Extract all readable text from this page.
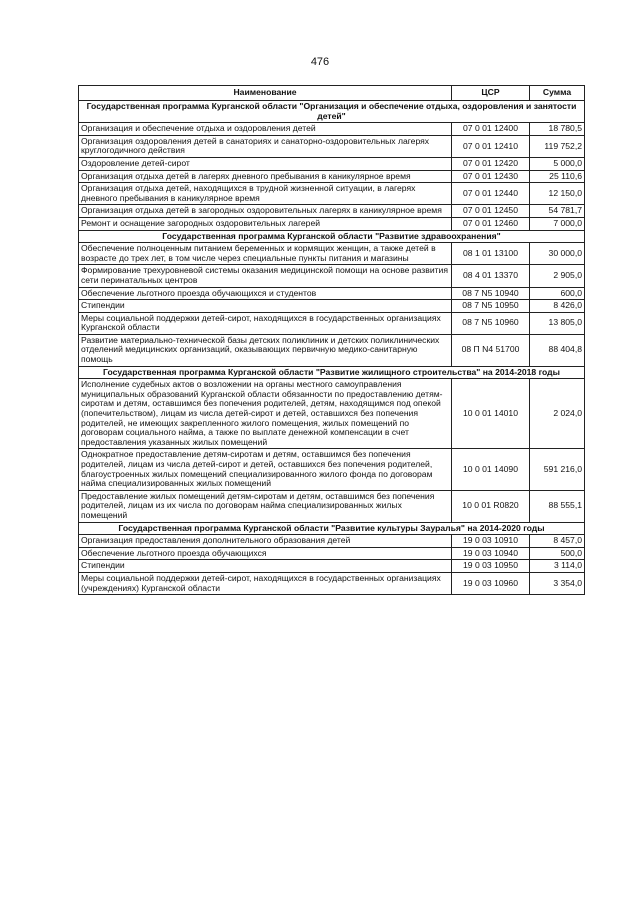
476
Наименование	ЦСР	Сумма
Государственная программа Курганской области "Организация и обеспечение отдыха, оздоровления и занятости детей"		
Организация и обеспечение отдыха и оздоровления детей	07 0 01 12400	18 780,5
Организация оздоровления детей в санаториях и санаторно-оздоровительных лагерях круглогодичного действия	07 0 01 12410	119 752,2
Оздоровление детей-сирот	07 0 01 12420	5 000,0
Организация отдыха детей в лагерях дневного пребывания в каникулярное время	07 0 01 12430	25 110,6
Организация отдыха детей, находящихся в трудной жизненной ситуации, в лагерях дневного пребывания в каникулярное время	07 0 01 12440	12 150,0
Организация отдыха детей в загородных оздоровительных лагерях в каникулярное время	07 0 01 12450	54 781,7
Ремонт и оснащение загородных оздоровительных лагерей	07 0 01 12460	7 000,0
Государственная программа Курганской области "Развитие здравоохранения"		
Обеспечение полноценным питанием беременных и кормящих женщин, а также детей в возрасте до трех лет, в том числе через специальные пункты питания и магазины	08 1 01 13100	30 000,0
Формирование трехуровневой системы оказания медицинской помощи на основе развития сети перинатальных центров	08 4 01 13370	2 905,0
Обеспечение льготного проезда обучающихся и студентов	08 7 N5 10940	600,0
Стипендии	08 7 N5 10950	8 426,0
Меры социальной поддержки детей-сирот, находящихся в государственных организациях Курганской области	08 7 N5 10960	13 805,0
Развитие материально-технической базы детских поликлиник и детских поликлинических отделений медицинских организаций, оказывающих первичную медико-санитарную помощь	08 П N4 51700	88 404,8
Государственная программа Курганской области "Развитие жилищного строительства" на 2014-2018 годы		
Исполнение судебных актов о возложении на органы местного самоуправления муниципальных образований Курганской области обязанности по предоставлению детям-сиротам и детям, оставшимся без попечения родителей, детям, находящимся под опекой (попечительством), лицам из числа детей-сирот и детей, оставшихся без попечения родителей, не имеющих закрепленного жилого помещения, жилых помещений по договорам социального найма, а также по выплате денежной компенсации в счет предоставления указанных жилых помещений	10 0 01 14010	2 024,0
Однократное предоставление детям-сиротам и детям, оставшимся без попечения родителей, лицам из числа детей-сирот и детей, оставшихся без попечения родителей, благоустроенных жилых помещений специализированного жилого фонда по договорам найма специализированных жилых помещений	10 0 01 14090	591 216,0
Предоставление жилых помещений детям-сиротам и детям, оставшимся без попечения родителей, лицам из их числа по договорам найма специализированных жилых помещений	10 0 01 R0820	88 555,1
Государственная программа Курганской области "Развитие культуры Зауралья" на 2014-2020 годы		
Организация предоставления дополнительного образования детей	19 0 03 10910	8 457,0
Обеспечение льготного проезда обучающихся	19 0 03 10940	500,0
Стипендии	19 0 03 10950	3 114,0
Меры социальной поддержки детей-сирот, находящихся в государственных организациях (учреждениях) Курганской области	19 0 03 10960	3 354,0
